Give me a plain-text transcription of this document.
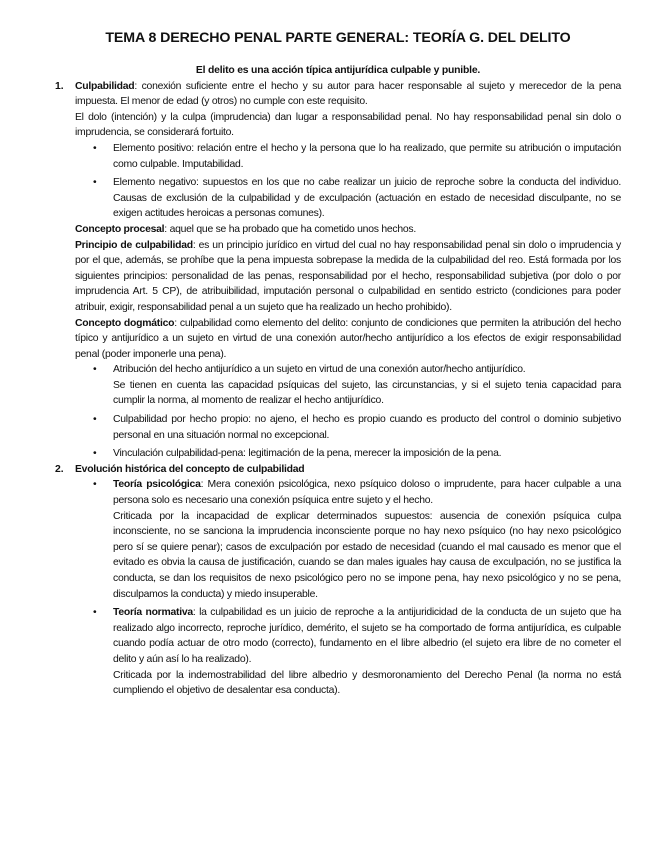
TEMA 8 DERECHO PENAL PARTE GENERAL: TEORÍA G. DEL DELITO
El delito es una acción típica antijurídica culpable y punible.
1. Culpabilidad: conexión suficiente entre el hecho y su autor para hacer responsable al sujeto y merecedor de la pena impuesta. El menor de edad (y otros) no cumple con este requisito.

El dolo (intención) y la culpa (imprudencia) dan lugar a responsabilidad penal. No hay responsabilidad penal sin dolo o imprudencia, se considerará fortuito.

• Elemento positivo: relación entre el hecho y la persona que lo ha realizado, que permite su atribución o imputación como culpable. Imputabilidad.
• Elemento negativo: supuestos en los que no cabe realizar un juicio de reproche sobre la conducta del individuo. Causas de exclusión de la culpabilidad y de exculpación (actuación en estado de necesidad disculpante, no se exigen actitudes heroicas a personas comunes).

Concepto procesal: aquel que se ha probado que ha cometido unos hechos.

Principio de culpabilidad: es un principio jurídico en virtud del cual no hay responsabilidad penal sin dolo o imprudencia y por el que, además, se prohíbe que la pena impuesta sobrepase la medida de la culpabilidad del reo. Está formada por los siguientes principios: personalidad de las penas, responsabilidad por el hecho, responsabilidad subjetiva (por dolo o por imprudencia Art. 5 CP), de atribuibilidad, imputación personal o culpabilidad en sentido estricto (condiciones para poder atribuir, exigir, responsabilidad penal a un sujeto que ha realizado un hecho prohibido).

Concepto dogmático: culpabilidad como elemento del delito: conjunto de condiciones que permiten la atribución del hecho típico y antijurídico a un sujeto en virtud de una conexión autor/hecho antijurídico a los efectos de exigir responsabilidad penal (poder imponerle una pena).

• Atribución del hecho antijurídico a un sujeto en virtud de una conexión autor/hecho antijurídico.
Se tienen en cuenta las capacidad psíquicas del sujeto, las circunstancias, y si el sujeto tenia capacidad para cumplir la norma, al momento de realizar el hecho antijurídico.
• Culpabilidad por hecho propio: no ajeno, el hecho es propio cuando es producto del control o dominio subjetivo personal en una situación normal no excepcional.
• Vinculación culpabilidad-pena: legitimación de la pena, merecer la imposición de la pena.
2. Evolución histórica del concepto de culpabilidad

• Teoría psicológica: Mera conexión psicológica, nexo psíquico doloso o imprudente, para hacer culpable a una persona solo es necesario una conexión psíquica entre sujeto y el hecho.
Criticada por la incapacidad de explicar determinados supuestos: ausencia de conexión psíquica culpa inconsciente, no se sanciona la imprudencia inconsciente porque no hay nexo psíquico (no hay nexo psicológico pero sí se quiere penar); casos de exculpación por estado de necesidad (cuando el mal causado es menor que el evitado es obvia la causa de justificación, cuando se dan males iguales hay causa de exculpación, no se justifica la conducta, se dan los requisitos de nexo psicológico pero no se impone pena, hay nexo psicológico y no se pena, disculpamos la conducta) y miedo insuperable.
• Teoría normativa: la culpabilidad es un juicio de reproche a la antijuridicidad de la conducta de un sujeto que ha realizado algo incorrecto, reproche jurídico, demérito, el sujeto se ha comportado de forma antijurídica, es culpable cuando podía actuar de otro modo (correcto), fundamento en el libre albedrio (el sujeto era libre de no cometer el delito y aún así lo ha realizado).
Criticada por la indemostrabilidad del libre albedrio y desmoronamiento del Derecho Penal (la norma no está cumpliendo el objetivo de desalentar esa conducta).
